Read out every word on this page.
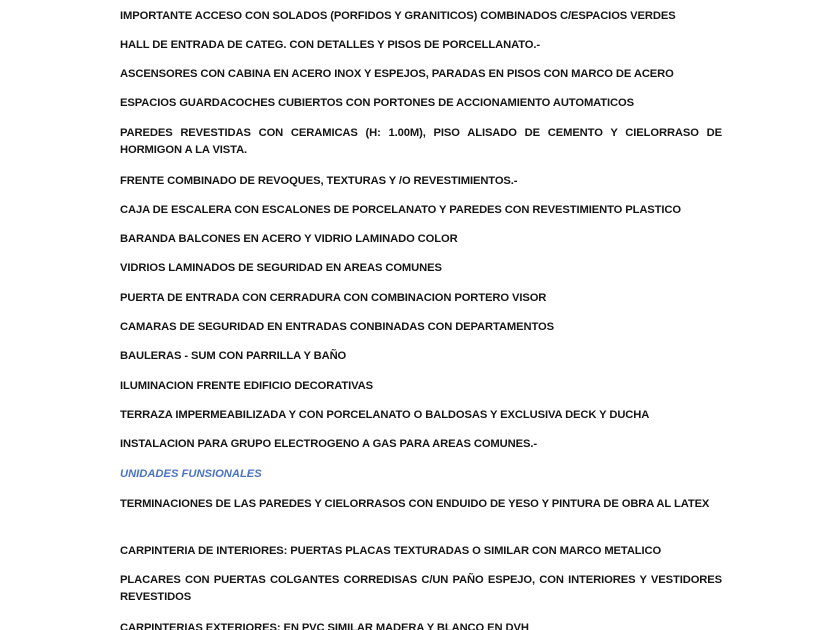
IMPORTANTE ACCESO CON SOLADOS (PORFIDOS Y GRANITICOS) COMBINADOS C/ESPACIOS VERDES

HALL DE ENTRADA DE CATEG. CON DETALLES Y PISOS DE PORCELLANATO.-

ASCENSORES CON CABINA EN ACERO INOX Y ESPEJOS, PARADAS EN PISOS CON MARCO DE ACERO

ESPACIOS GUARDACOCHES CUBIERTOS CON PORTONES DE ACCIONAMIENTO AUTOMATICOS

PAREDES REVESTIDAS CON CERAMICAS (H: 1.00M), PISO ALISADO DE CEMENTO Y CIELORRASO DE HORMIGON A LA VISTA.

FRENTE COMBINADO DE REVOQUES, TEXTURAS Y /O REVESTIMIENTOS.-

CAJA DE ESCALERA CON ESCALONES DE PORCELANATO Y PAREDES CON REVESTIMIENTO PLASTICO

BARANDA BALCONES EN ACERO Y VIDRIO LAMINADO COLOR

VIDRIOS LAMINADOS DE SEGURIDAD EN AREAS COMUNES

PUERTA DE ENTRADA CON CERRADURA CON COMBINACION PORTERO VISOR

CAMARAS DE SEGURIDAD EN ENTRADAS CONBINADAS CON DEPARTAMENTOS

BAULERAS - SUM CON PARRILLA Y BAÑO

ILUMINACION FRENTE EDIFICIO DECORATIVAS

TERRAZA IMPERMEABILIZADA Y CON PORCELANATO O BALDOSAS Y EXCLUSIVA DECK Y DUCHA

INSTALACION PARA GRUPO ELECTROGENO A GAS PARA AREAS COMUNES.-

UNIDADES FUNSIONALES

TERMINACIONES DE LAS PAREDES Y CIELORRASOS CON ENDUIDO DE YESO Y PINTURA DE OBRA AL LATEX

CARPINTERIA DE INTERIORES: PUERTAS PLACAS TEXTURADAS O SIMILAR CON MARCO METALICO

PLACARES CON PUERTAS COLGANTES CORREDISAS C/UN PAÑO ESPEJO, CON INTERIORES Y VESTIDORES REVESTIDOS

CARPINTERIAS EXTERIORES: EN PVC SIMILAR MADERA Y BLANCO EN DVH
